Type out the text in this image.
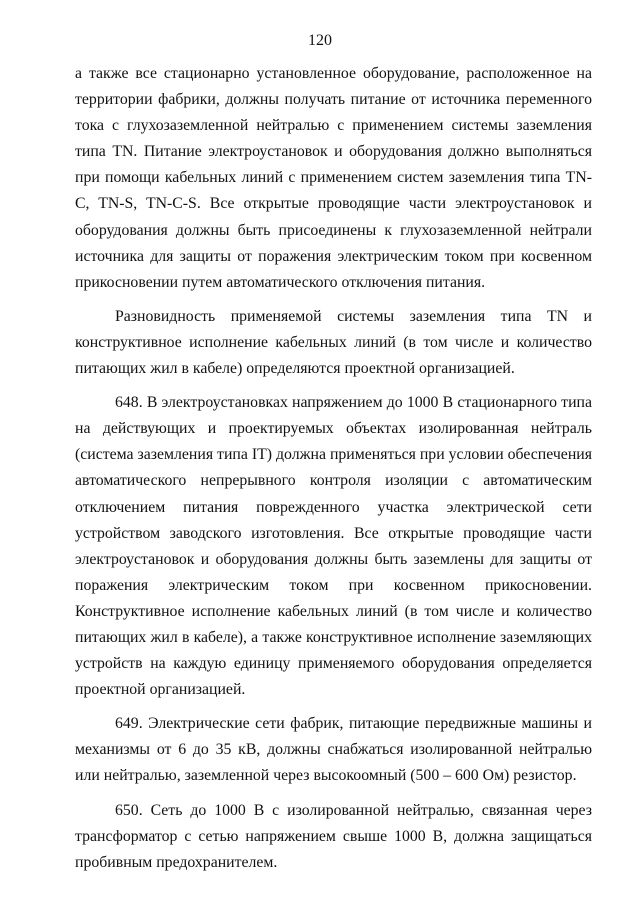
120

а также все стационарно установленное оборудование, расположенное на территории фабрики, должны получать питание от источника переменного тока с глухозаземленной нейтралью с применением системы заземления типа TN. Питание электроустановок и оборудования должно выполняться при помощи кабельных линий с применением систем заземления типа TN-C, TN-S, TN-C-S. Все открытые проводящие части электроустановок и оборудования должны быть присоединены к глухозаземленной нейтрали источника для защиты от поражения электрическим током при косвенном прикосновении путем автоматического отключения питания.

Разновидность применяемой системы заземления типа TN и конструктивное исполнение кабельных линий (в том числе и количество питающих жил в кабеле) определяются проектной организацией.

648. В электроустановках напряжением до 1000 В стационарного типа на действующих и проектируемых объектах изолированная нейтраль (система заземления типа IT) должна применяться при условии обеспечения автоматического непрерывного контроля изоляции с автоматическим отключением питания поврежденного участка электрической сети устройством заводского изготовления. Все открытые проводящие части электроустановок и оборудования должны быть заземлены для защиты от поражения электрическим током при косвенном прикосновении. Конструктивное исполнение кабельных линий (в том числе и количество питающих жил в кабеле), а также конструктивное исполнение заземляющих устройств на каждую единицу применяемого оборудования определяется проектной организацией.

649. Электрические сети фабрик, питающие передвижные машины и механизмы от 6 до 35 кВ, должны снабжаться изолированной нейтралью или нейтралью, заземленной через высокоомный (500 – 600 Ом) резистор.

650. Сеть до 1000 В с изолированной нейтралью, связанная через трансформатор с сетью напряжением свыше 1000 В, должна защищаться пробивным предохранителем.
